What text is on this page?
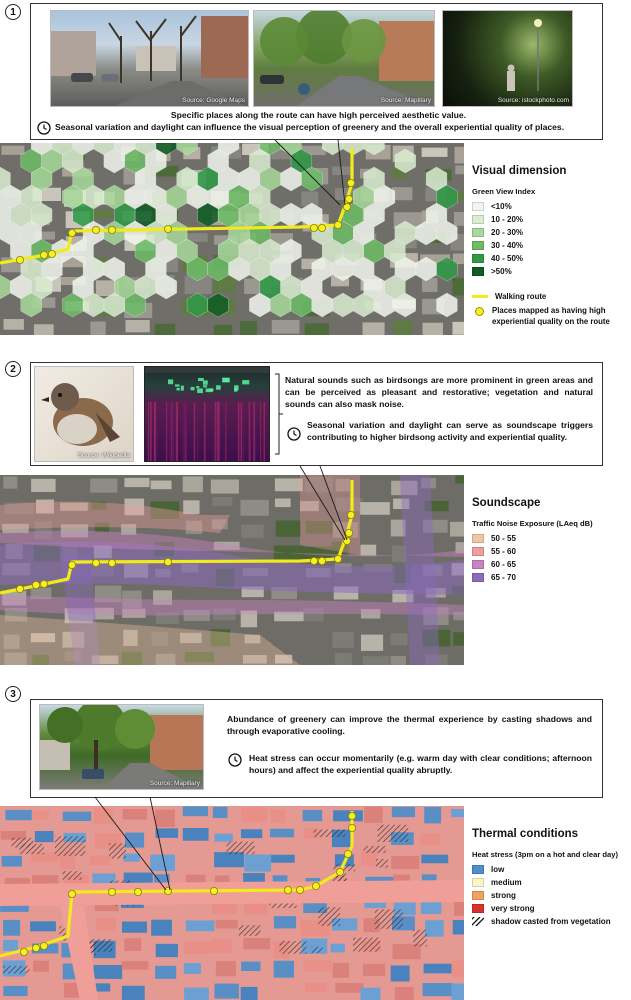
1
Source: Google Maps	Source: Mapillary	Source: istockphoto.com
Specific places along the route can have high perceived aesthetic value.
Seasonal variation and daylight can influence the visual perception of greenery and the overall experiential quality of places.
Visual dimension
Green View Index
<10%
10 - 20%
20 - 30%
30 - 40%
40 - 50%
>50%
Walking route
Places mapped as having high experiential quality on the route
2
Source: Wikipedia
Natural sounds such as birdsongs are more prominent in green areas and can be perceived as pleasant and restorative; vegetation and natural sounds can also mask noise.
Seasonal variation and daylight can serve as soundscape triggers contributing to higher birdsong activity and experiential quality.
Soundscape
Traffic Noise Exposure (LAeq dB)
50 - 55
55 - 60
60 - 65
65 - 70
3
Source: Mapillary
Abundance of greenery can improve the thermal experience by casting shadows and through evaporative cooling.
Heat stress can occur momentarily (e.g. warm day with clear conditions; afternoon hours) and affect the experiential quality abruptly.
Thermal conditions
Heat stress (3pm on a hot and clear day)
low
medium
strong
very strong
shadow casted from vegetation
